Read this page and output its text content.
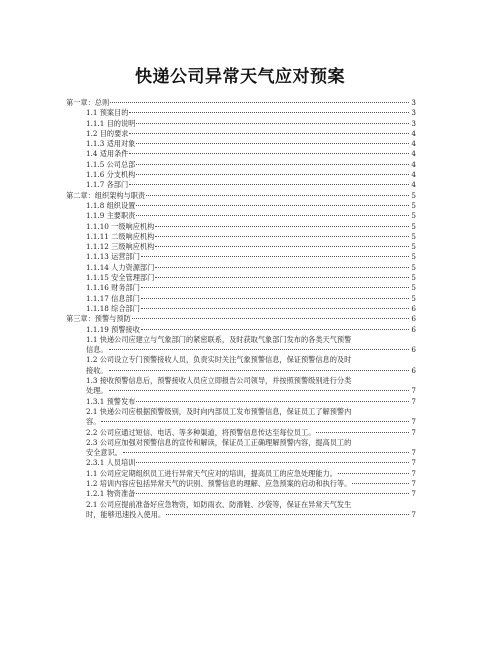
快递公司异常天气应对预案
第一章：总则	3
1.1 预案目的	3
1.1.1 目的说明	3
1.2 目的要求	4
1.1.3 适用对象	4
1.4 适用条件	4
1.1.5 公司总部	4
1.1.6 分支机构	4
1.1.7 各部门	4
第二章：组织架构与职责	5
1.1.8 组织设置	5
1.1.9 主要职责	5
1.1.10 一级响应机构	5
1.1.11 二级响应机构	5
1.1.12 三级响应机构	5
1.1.13 运营部门	5
1.1.14 人力资源部门	5
1.1.15 安全管理部门	5
1.1.16 财务部门	5
1.1.17 信息部门	5
1.1.18 综合部门	6
第三章：预警与预防	6
1.1.19 预警接收	6
1.1 快递公司应建立与气象部门的紧密联系，及时获取气象部门发布的各类天气预警
信息。	6
1.2 公司设立专门预警接收人员，负责实时关注气象预警信息，保证预警信息的及时
接收。	6
1.3 接收预警信息后，预警接收人员应立即报告公司领导，并按照预警级别进行分类
处理。	7
1.3.1 预警发布	7
2.1 快递公司应根据预警级别，及时向内部员工发布预警信息，保证员工了解预警内
容。	7
2.2 公司应通过短信、电话、等多种渠道，将预警信息传达至每位员工。	7
2.3 公司应加强对预警信息的宣传和解读，保证员工正确理解预警内容，提高员工的
安全意识。	7
2.3.1 人员培训	7
1.1 公司应定期组织员工进行异常天气应对的培训，提高员工的应急处理能力。	7
1.2 培训内容应包括异常天气的识别、预警信息的理解、应急预案的启动和执行等。	7
1.2.1 物资准备	7
2.1 公司应提前准备好应急物资，如防雨衣、防滑鞋、沙袋等，保证在异常天气发生
时，能够迅速投入使用。	7
